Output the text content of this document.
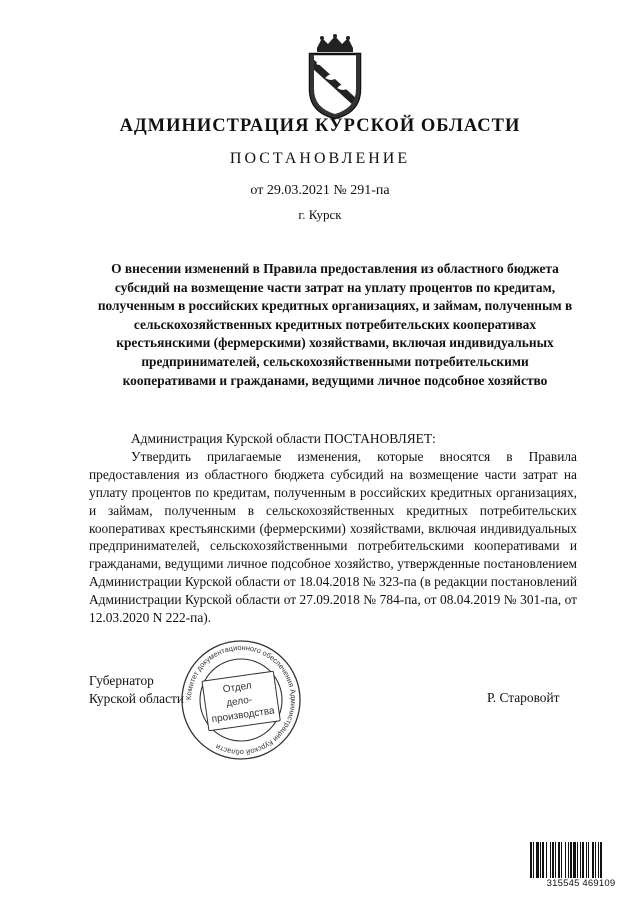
АДМИНИСТРАЦИЯ КУРСКОЙ ОБЛАСТИ
ПОСТАНОВЛЕНИЕ
от 29.03.2021 № 291-па
г. Курск
О внесении изменений в Правила предоставления из областного бюджета субсидий на возмещение части затрат на уплату процентов по кредитам, полученным в российских кредитных организациях, и займам, полученным в сельскохозяйственных кредитных потребительских кооперативах крестьянскими (фермерскими) хозяйствами, включая индивидуальных предпринимателей, сельскохозяйственными потребительскими кооперативами и гражданами, ведущими личное подсобное хозяйство

Администрация Курской области ПОСТАНОВЛЯЕТ:

Утвердить прилагаемые изменения, которые вносятся в Правила предоставления из областного бюджета субсидий на возмещение части затрат на уплату процентов по кредитам, полученным в российских кредитных организациях, и займам, полученным в сельскохозяйственных кредитных потребительских кооперативах крестьянскими (фермерскими) хозяйствами, включая индивидуальных предпринимателей, сельскохозяйственными потребительскими кооперативами и гражданами, ведущими личное подсобное хозяйство, утвержденные постановлением Администрации Курской области от 18.04.2018 № 323-па (в редакции постановлений Администрации Курской области от 27.09.2018 № 784-па, от 08.04.2019 № 301-па, от 12.03.2020 N 222-па).

Губернатор
Курской области	Р. Старовойт
Комитет документационного обеспечения Администрации Курской области
Отдел
дело-
производства
315545 469109
